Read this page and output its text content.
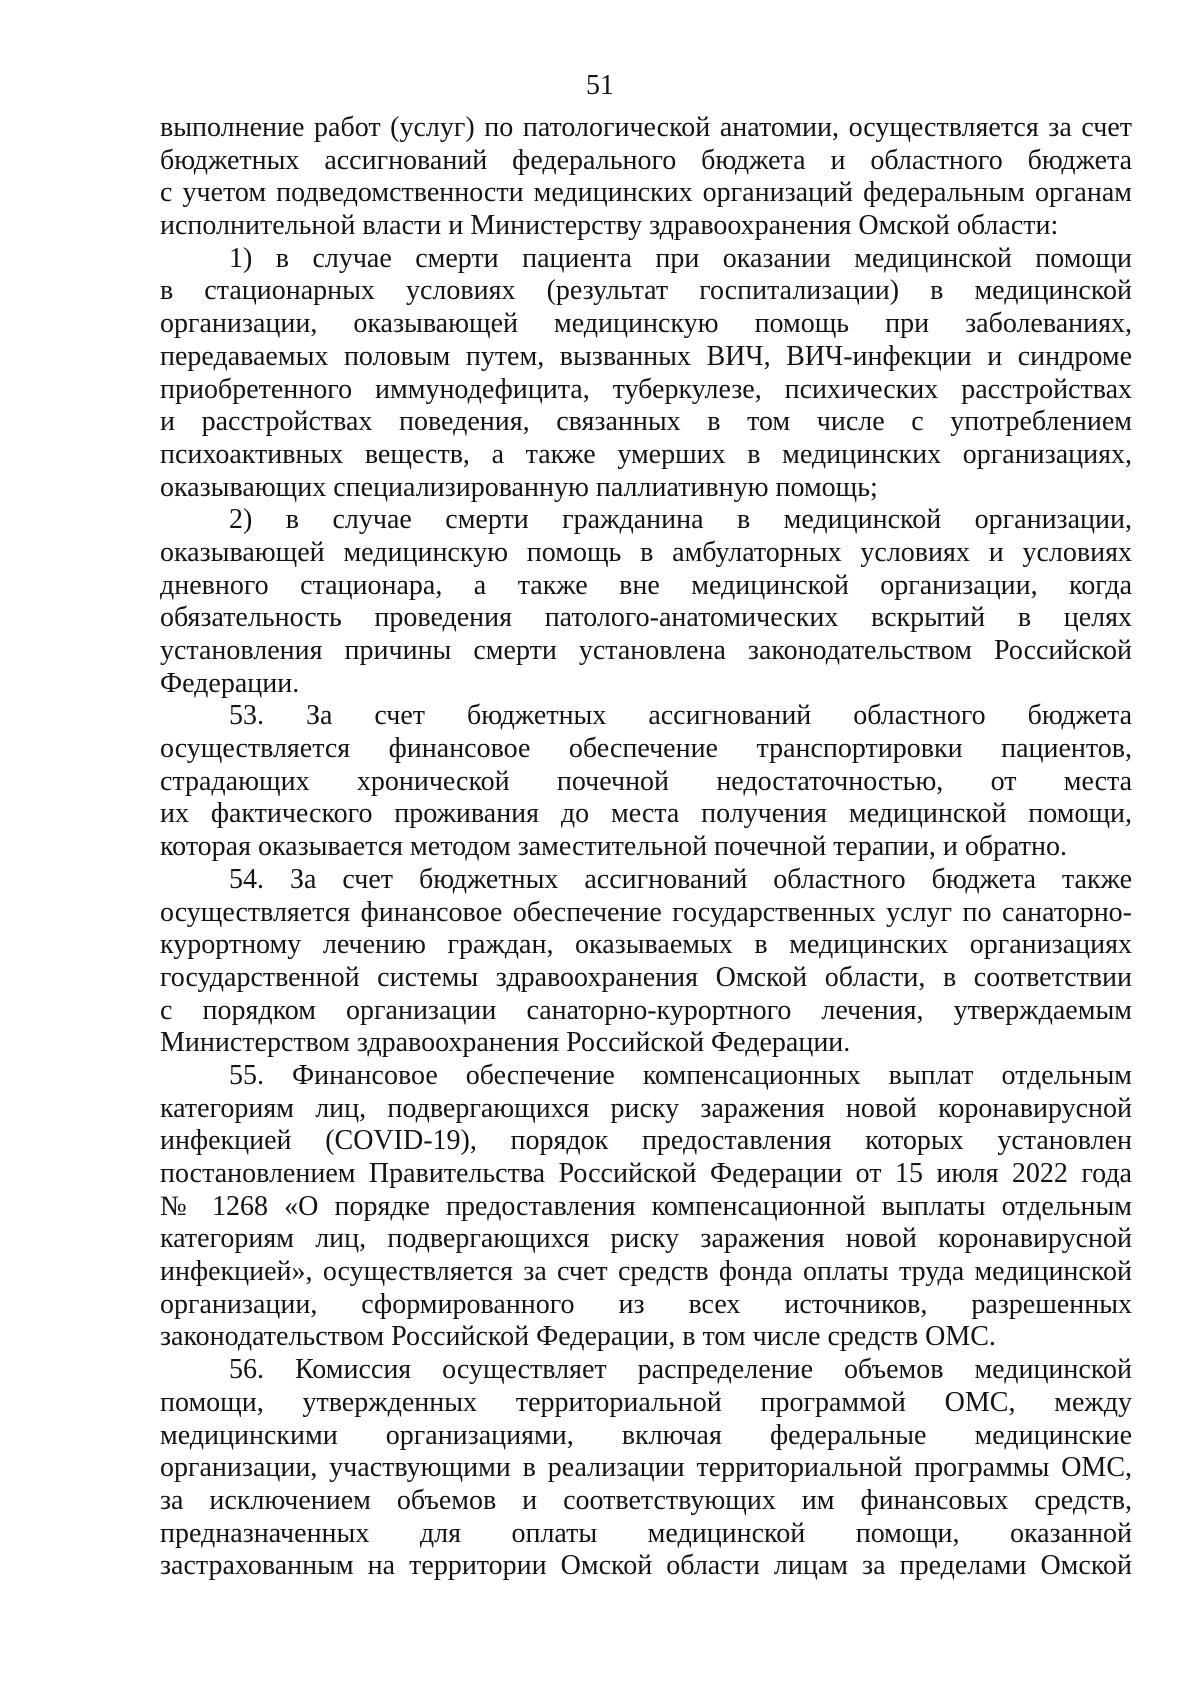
51
выполнение работ (услуг) по патологической анатомии, осуществляется за счет
бюджетных ассигнований федерального бюджета и областного бюджета
с учетом подведомственности медицинских организаций федеральным органам
исполнительной власти и Министерству здравоохранения Омской области:
1) в случае смерти пациента при оказании медицинской помощи
в стационарных условиях (результат госпитализации) в медицинской
организации, оказывающей медицинскую помощь при заболеваниях,
передаваемых половым путем, вызванных ВИЧ, ВИЧ-инфекции и синдроме
приобретенного иммунодефицита, туберкулезе, психических расстройствах
и расстройствах поведения, связанных в том числе с употреблением
психоактивных веществ, а также умерших в медицинских организациях,
оказывающих специализированную паллиативную помощь;
2) в случае смерти гражданина в медицинской организации,
оказывающей медицинскую помощь в амбулаторных условиях и условиях
дневного стационара, а также вне медицинской организации, когда
обязательность проведения патолого-анатомических вскрытий в целях
установления причины смерти установлена законодательством Российской
Федерации.
53. За счет бюджетных ассигнований областного бюджета
осуществляется финансовое обеспечение транспортировки пациентов,
страдающих хронической почечной недостаточностью, от места
их фактического проживания до места получения медицинской помощи,
которая оказывается методом заместительной почечной терапии, и обратно.
54. За счет бюджетных ассигнований областного бюджета также
осуществляется финансовое обеспечение государственных услуг по санаторно-
курортному лечению граждан, оказываемых в медицинских организациях
государственной системы здравоохранения Омской области, в соответствии
с порядком организации санаторно-курортного лечения, утверждаемым
Министерством здравоохранения Российской Федерации.
55. Финансовое обеспечение компенсационных выплат отдельным
категориям лиц, подвергающихся риску заражения новой коронавирусной
инфекцией (COVID-19), порядок предоставления которых установлен
постановлением Правительства Российской Федерации от 15 июля 2022 года
№ 1268 «О порядке предоставления компенсационной выплаты отдельным
категориям лиц, подвергающихся риску заражения новой коронавирусной
инфекцией», осуществляется за счет средств фонда оплаты труда медицинской
организации, сформированного из всех источников, разрешенных
законодательством Российской Федерации, в том числе средств ОМС.
56. Комиссия осуществляет распределение объемов медицинской
помощи, утвержденных территориальной программой ОМС, между
медицинскими организациями, включая федеральные медицинские
организации, участвующими в реализации территориальной программы ОМС,
за исключением объемов и соответствующих им финансовых средств,
предназначенных для оплаты медицинской помощи, оказанной
застрахованным на территории Омской области лицам за пределами Омской
